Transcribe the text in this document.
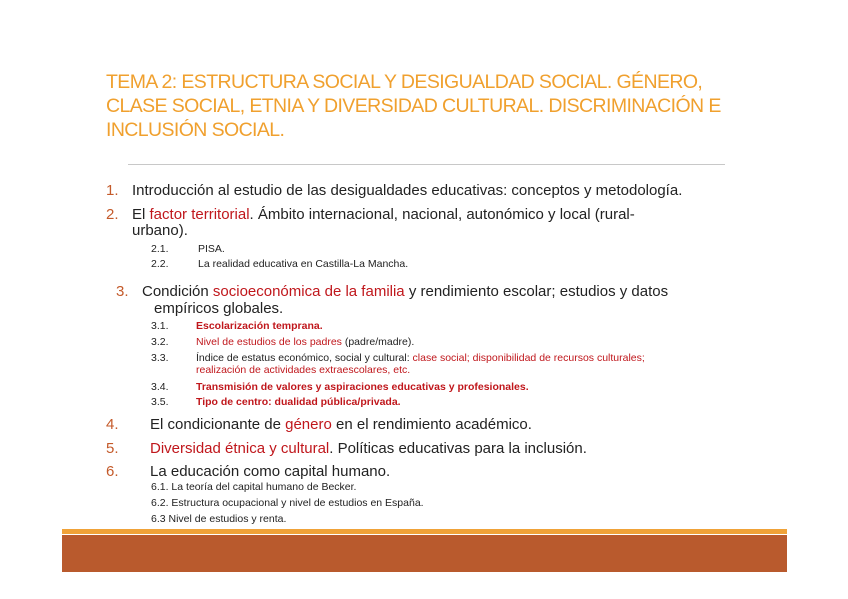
TEMA 2: ESTRUCTURA SOCIAL Y DESIGUALDAD SOCIAL. GÉNERO, CLASE SOCIAL, ETNIA Y DIVERSIDAD CULTURAL. DISCRIMINACIÓN E INCLUSIÓN SOCIAL.
1. Introducción al estudio de las desigualdades educativas: conceptos y metodología.
2. El factor territorial. Ámbito internacional, nacional, autonómico y local (rural-
urbano).
2.1.	PISA.
2.2.	La realidad educativa en Castilla-La Mancha.
3. Condición socioeconómica de la familia y rendimiento escolar; estudios y datos
empíricos globales.
3.1.	Escolarización temprana.
3.2.	Nivel de estudios de los padres (padre/madre).
3.3.	Índice de estatus económico, social y cultural: clase social; disponibilidad de recursos culturales;
realización de actividades extraescolares, etc.
3.4.	Transmisión de valores y aspiraciones educativas y profesionales.
3.5.	Tipo de centro: dualidad pública/privada.
4. El condicionante de género en el rendimiento académico.
5. Diversidad étnica y cultural. Políticas educativas para la inclusión.
6. La educación como capital humano.
6.1. La teoría del capital humano de Becker.
6.2. Estructura ocupacional y nivel de estudios en España.
6.3 Nivel de estudios y renta.
